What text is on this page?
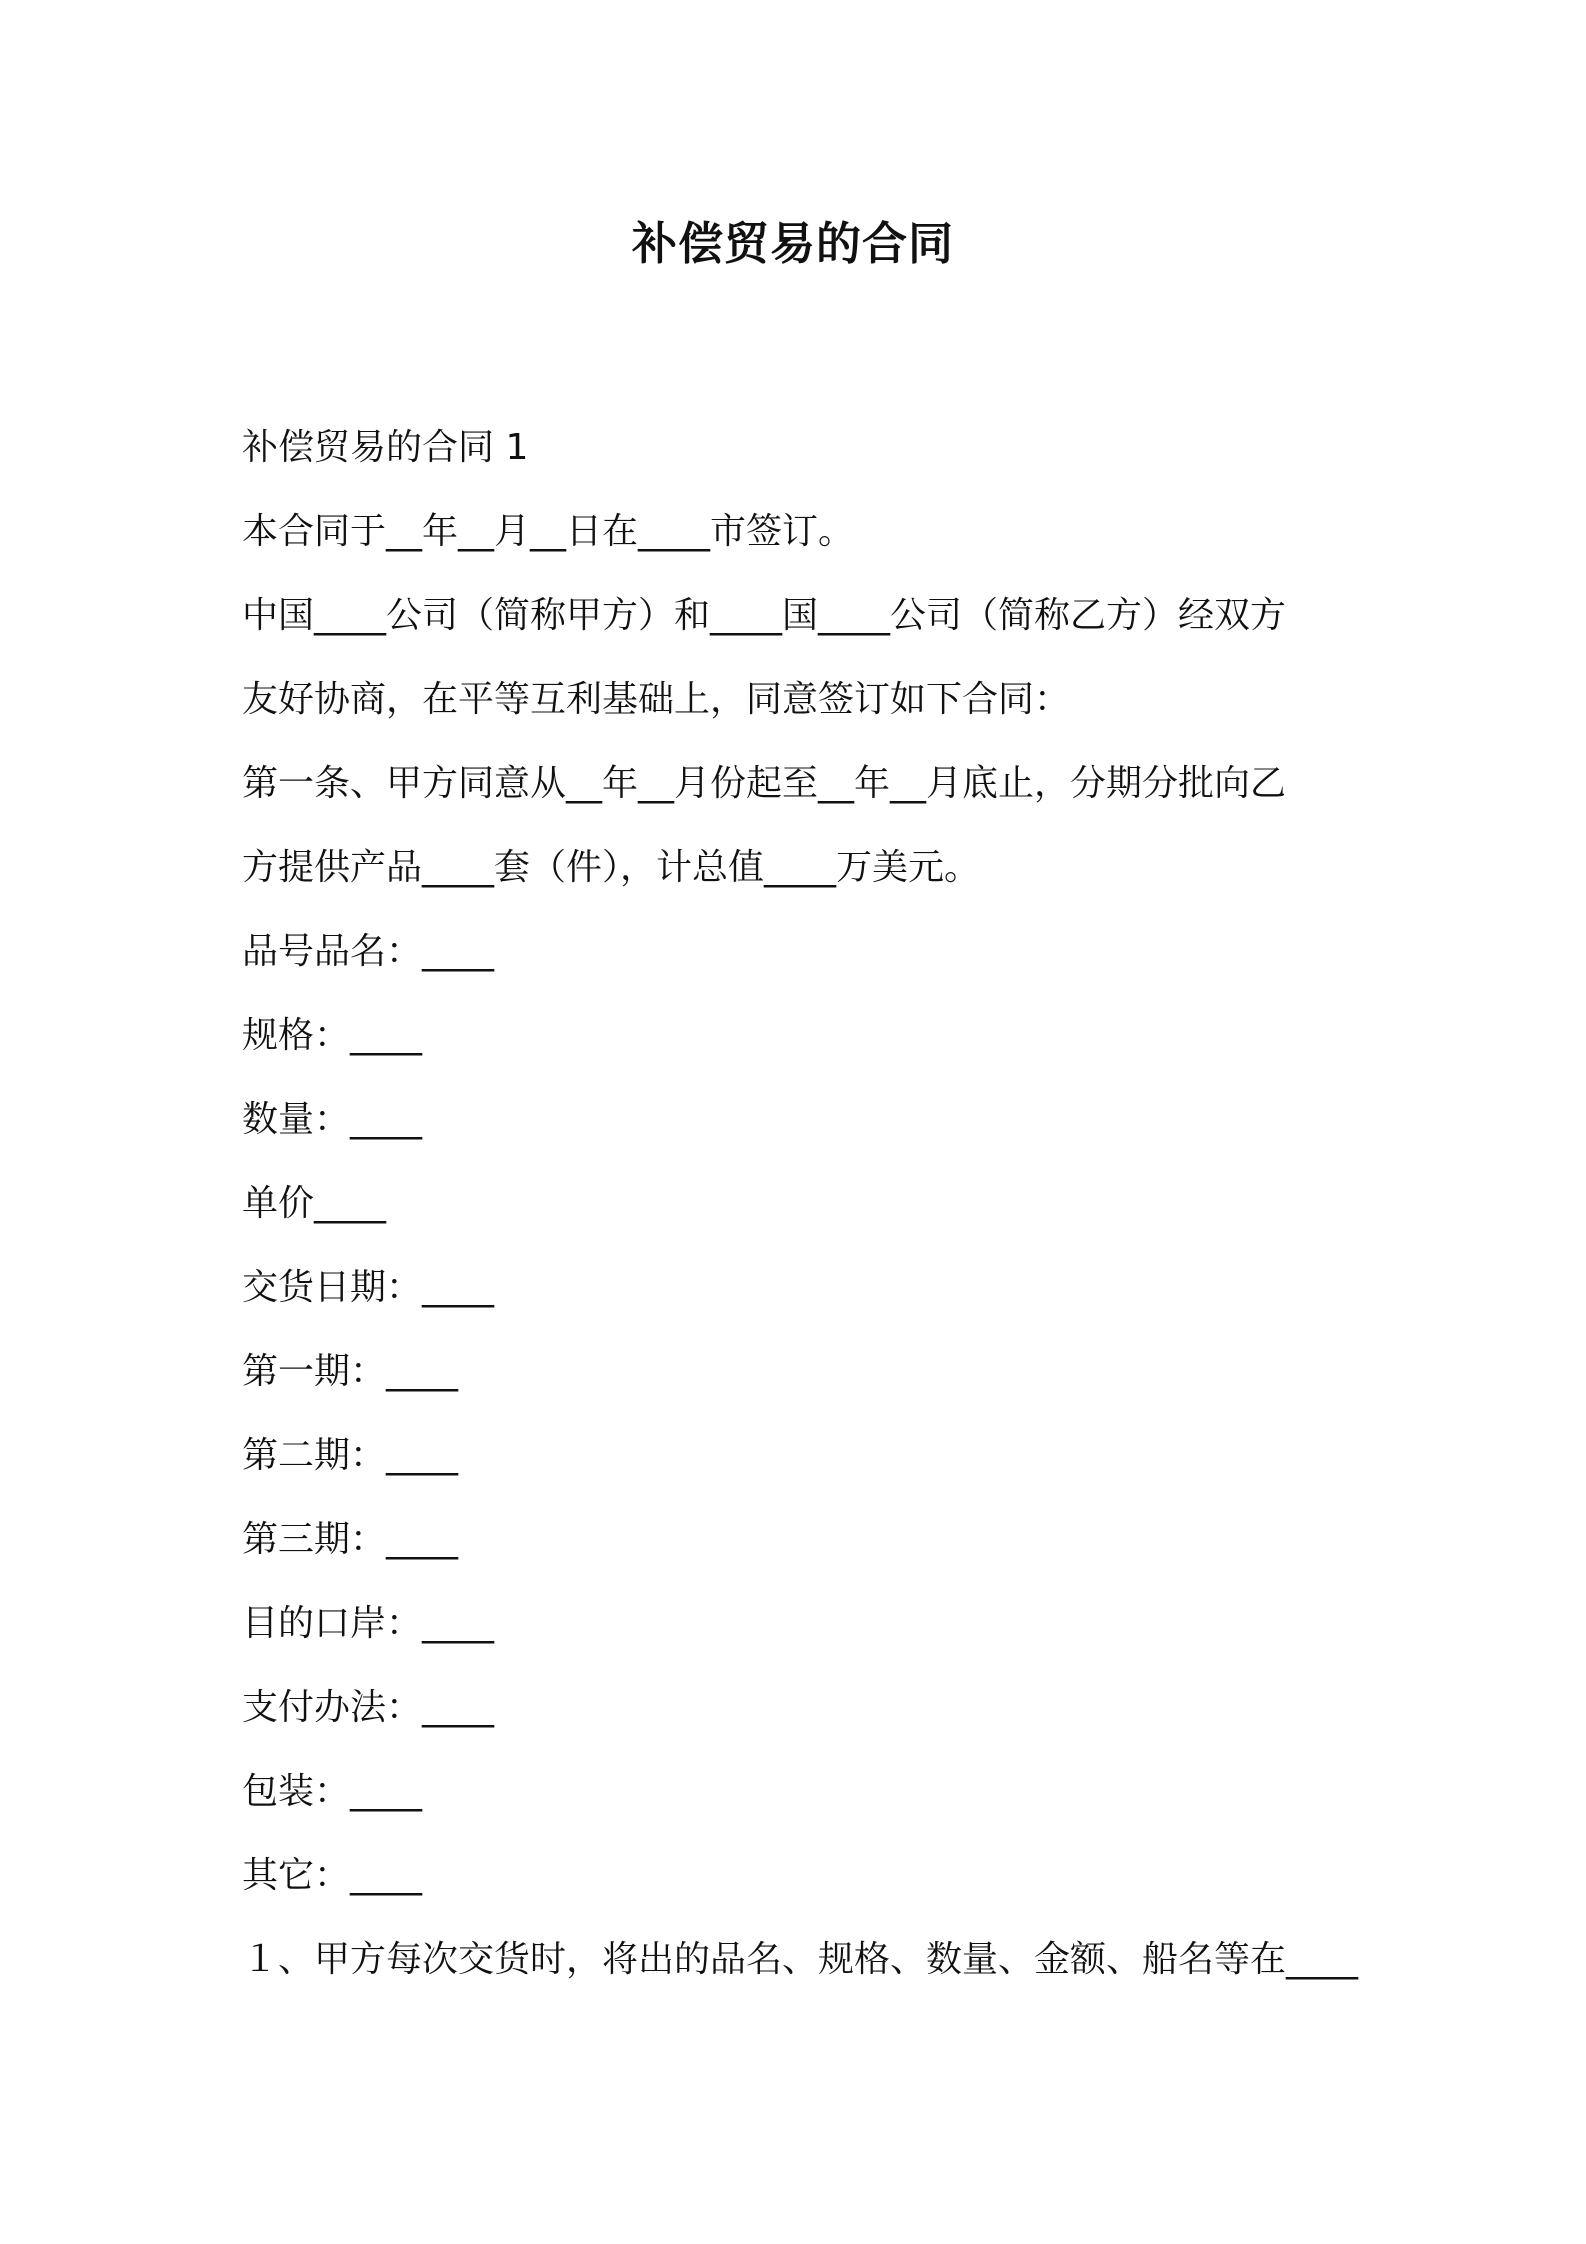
补偿贸易的合同
补偿贸易的合同 1
本合同于__年__月__日在____市签订。
中国____公司（简称甲方）和____国____公司（简称乙方）经双方
友好协商，在平等互利基础上，同意签订如下合同：
第一条、甲方同意从__年__月份起至__年__月底止，分期分批向乙
方提供产品____套（件），计总值____万美元。
品号品名：____
规格：____
数量：____
单价____
交货日期：____
第一期：____
第二期：____
第三期：____
目的口岸：____
支付办法：____
包装：____
其它：____
１、甲方每次交货时，将出的品名、规格、数量、金额、船名等在____
